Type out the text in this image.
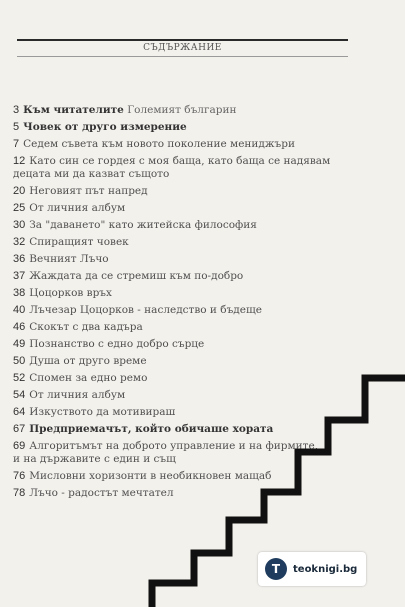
СЪДЪРЖАНИЕ
3 Към читателите Големият българин
5 Човек от друго измерение
7 Седем съвета към новото поколение мениджъри
12 Като син се гордея с моя баща, като баща се надявам
децата ми да казват същото
20 Неговият път напред
25 От личния албум
30 За "даването" като житейска философия
32 Спиращият човек
36 Вечният Лъчо
37 Жаждата да се стремиш към по-добро
38 Цоцорков връх
40 Лъчезар Цоцорков - наследство и бъдеще
46 Скокът с два кадъра
49 Познанство с едно добро сърце
50 Душа от друго време
52 Спомен за едно ремо
54 От личния албум
64 Изкуството да мотивираш
67 Предприемачът, който обичаше хората
69 Алгоритъмът на доброто управление и на фирмите,
и на държавите с един и същ
76 Мисловни хоризонти в необикновен мащаб
78 Лъчо - радостът мечтател
T	teoknigi.bg
